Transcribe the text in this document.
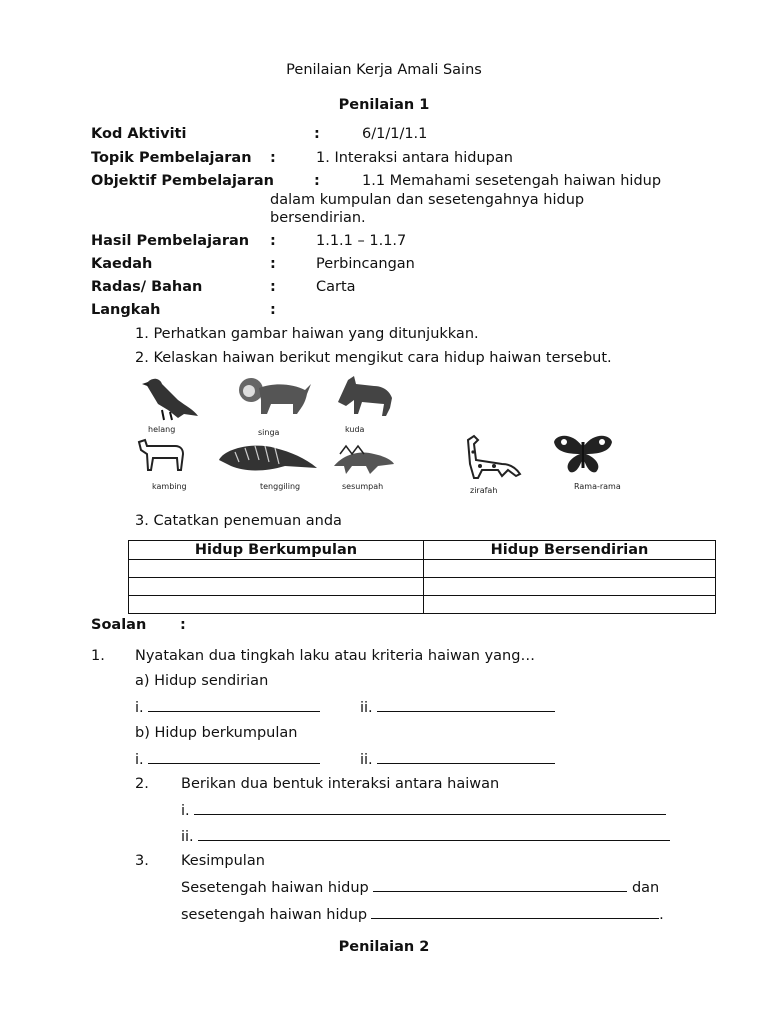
Penilaian Kerja Amali Sains
Penilaian 1
Kod Aktiviti	:	6/1/1/1.1
Topik Pembelajaran :	1. Interaksi antara hidupan
Objektif Pembelajaran	:	1.1 Memahami sesetengah haiwan hidup
dalam kumpulan dan sesetengahnya hidup
bersendirian.
Hasil Pembelajaran :	1.1.1 – 1.1.7
Kaedah	:	Perbincangan
Radas/ Bahan	:	Carta
Langkah	:
1. Perhatkan gambar haiwan yang ditunjukkan.
2. Kelaskan haiwan berikut mengikut cara hidup haiwan tersebut.
helang	singa	kuda
kambing	tenggiling	sesumpah	zirafah	Rama-rama
3. Catatkan penemuan anda
Hidup Berkumpulan	Hidup Bersendirian

Soalan :
1. Nyatakan dua tingkah laku atau kriteria haiwan yang…
a) Hidup sendirian
i.	ii.
b) Hidup berkumpulan
i.	ii.
2. Berikan dua bentuk interaksi antara haiwan
i.
ii.
3. Kesimpulan
Sesetengah haiwan hidup	dan
sesetengah haiwan hidup	.
Penilaian 2
